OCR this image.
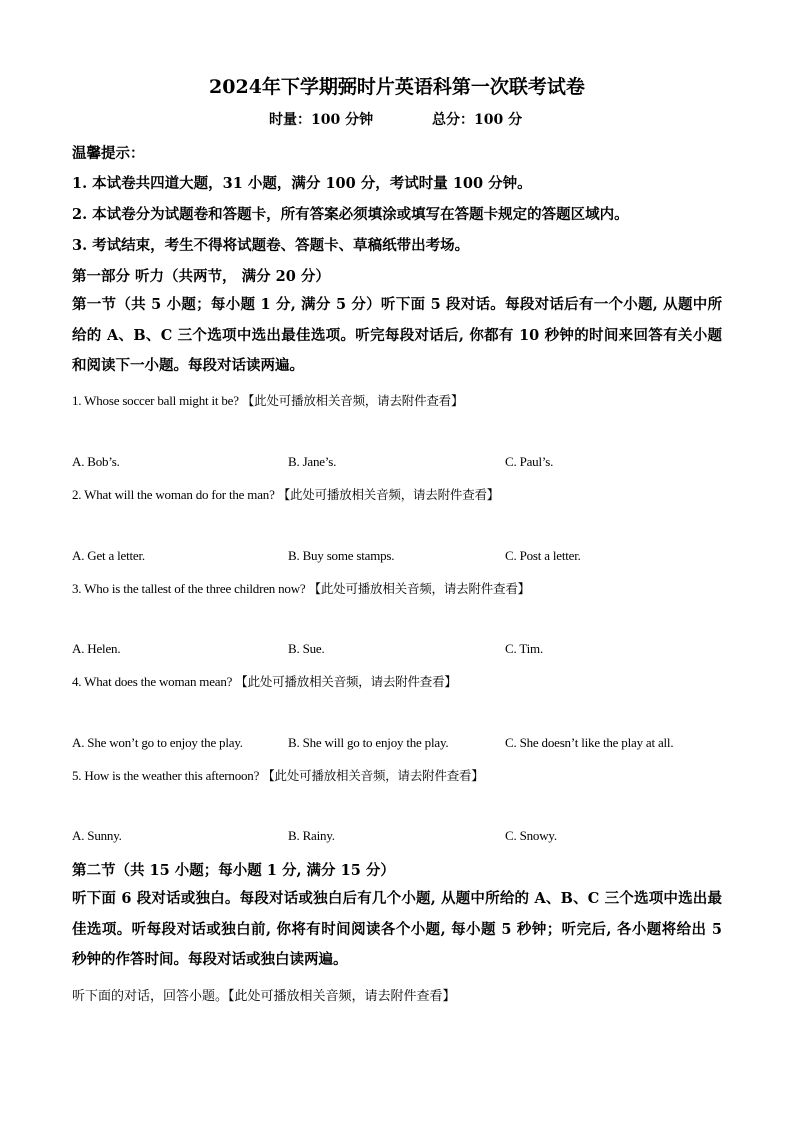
2024年下学期弼时片英语科第一次联考试卷
时量：100 分钟	总分：100 分
温馨提示：
1. 本试卷共四道大题，31 小题，满分 100 分，考试时量 100 分钟。
2. 本试卷分为试题卷和答题卡，所有答案必须填涂或填写在答题卡规定的答题区域内。
3. 考试结束，考生不得将试题卷、答题卡、草稿纸带出考场。
第一部分 听力（共两节， 满分 20 分）
第一节（共 5 小题；每小题 1 分, 满分 5 分）听下面 5 段对话。每段对话后有一个小题, 从题中所给的 A、B、C 三个选项中选出最佳选项。听完每段对话后, 你都有 10 秒钟的时间来回答有关小题和阅读下一小题。每段对话读两遍。
1. Whose soccer ball might it be? 【此处可播放相关音频，请去附件查看】
A. Bob’s.	B. Jane’s.	C. Paul’s.
2. What will the woman do for the man? 【此处可播放相关音频，请去附件查看】
A. Get a letter.	B. Buy some stamps.	C. Post a letter.
3. Who is the tallest of the three children now? 【此处可播放相关音频，请去附件查看】
A. Helen.	B. Sue.	C. Tim.
4. What does the woman mean? 【此处可播放相关音频，请去附件查看】
A. She won’t go to enjoy the play.	B. She will go to enjoy the play.	C. She doesn’t like the play at all.
5. How is the weather this afternoon? 【此处可播放相关音频，请去附件查看】
A. Sunny.	B. Rainy.	C. Snowy.
第二节（共 15 小题；每小题 1 分, 满分 15 分）
听下面 6 段对话或独白。每段对话或独白后有几个小题, 从题中所给的 A、B、C 三个选项中选出最佳选项。听每段对话或独白前, 你将有时间阅读各个小题, 每小题 5 秒钟；听完后, 各小题将给出 5 秒钟的作答时间。每段对话或独白读两遍。
听下面的对话，回答小题。【此处可播放相关音频，请去附件查看】
